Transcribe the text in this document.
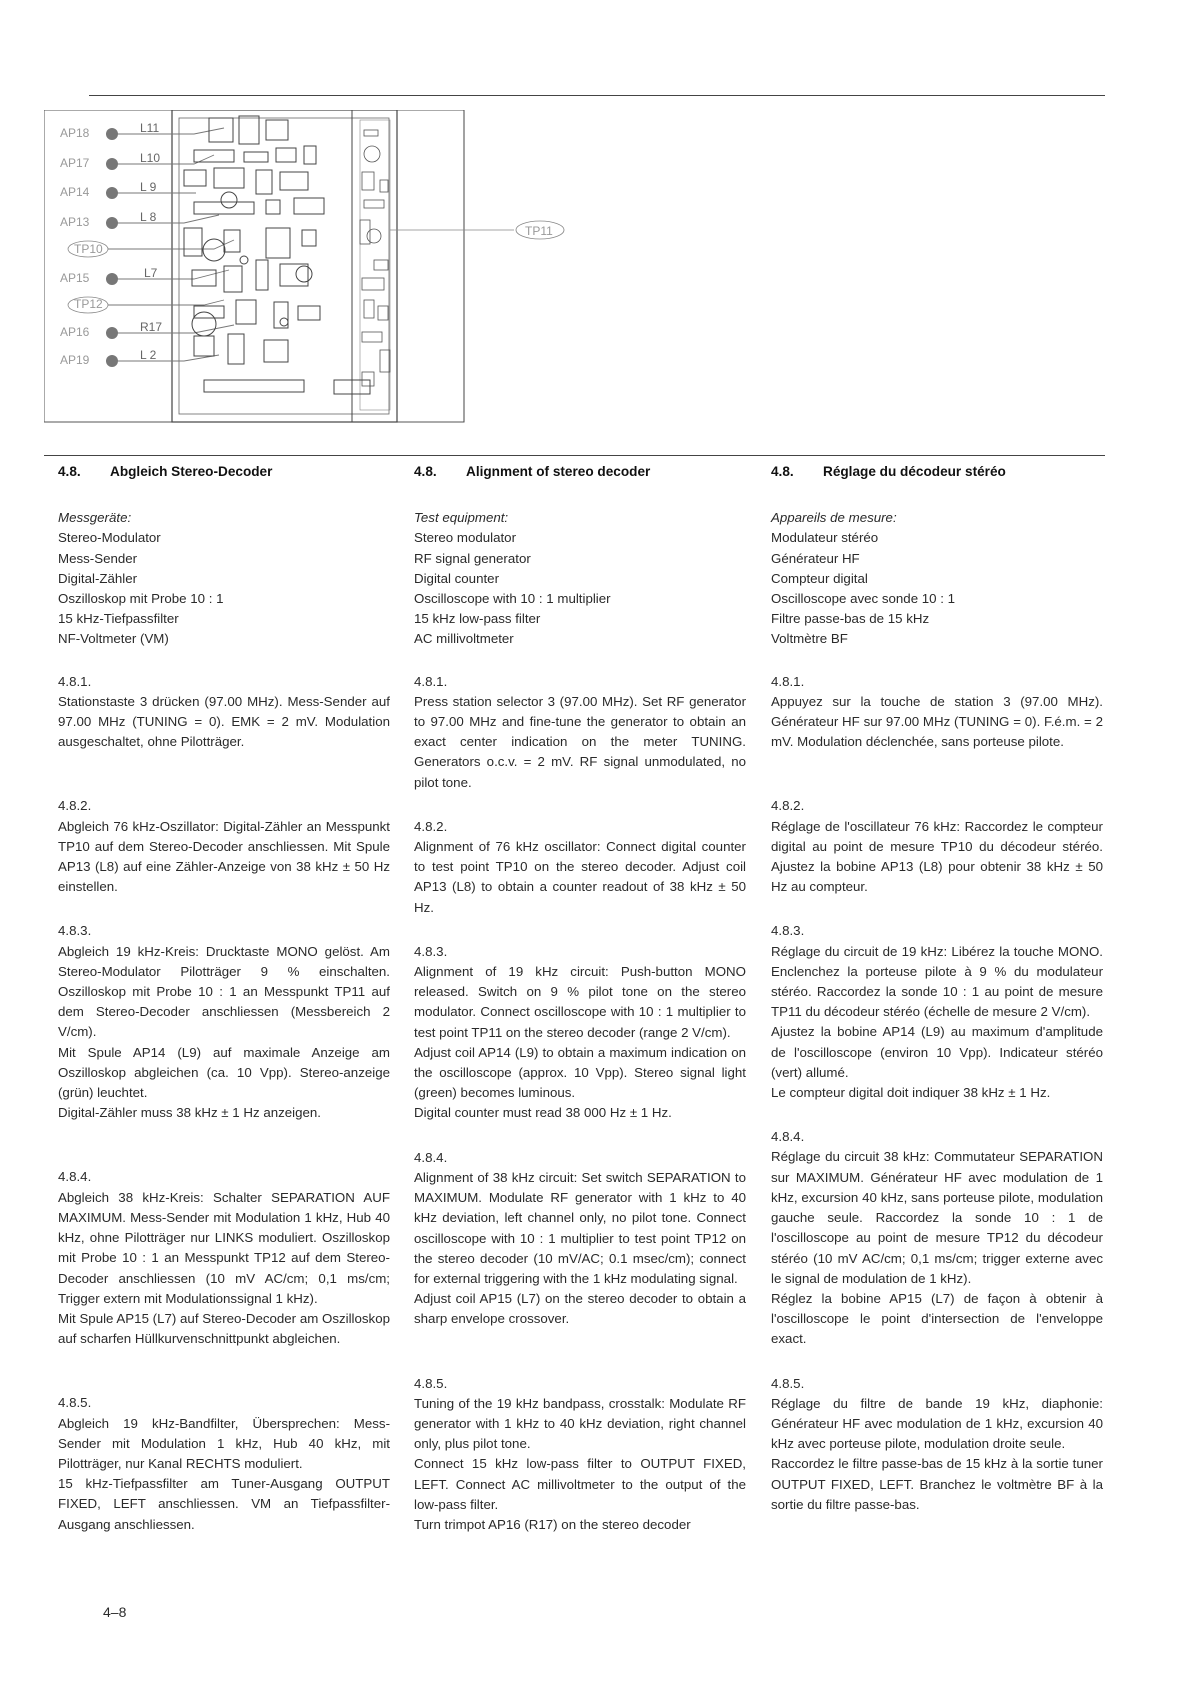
AP18
AP17
AP14
AP13
TP10
AP15
TP12
AP16
AP19
L11
L10
L 9
L 8
L7
R17
L 2
TP11
4.8. Abgleich Stereo-Decoder
Messgeräte:
Stereo-Modulator
Mess-Sender
Digital-Zähler
Oszilloskop mit Probe 10 : 1
15 kHz-Tiefpassfilter
NF-Voltmeter (VM)
4.8.1.
Stationstaste 3 drücken (97.00 MHz). Mess-Sender auf 97.00 MHz (TUNING = 0). EMK = 2 mV. Modulation ausgeschaltet, ohne Pilotträger.
4.8.2.
Abgleich 76 kHz-Oszillator: Digital-Zähler an Messpunkt TP10 auf dem Stereo-Decoder anschliessen. Mit Spule AP13 (L8) auf eine Zähler-Anzeige von 38 kHz ± 50 Hz einstellen.
4.8.3.
Abgleich 19 kHz-Kreis: Drucktaste MONO gelöst. Am Stereo-Modulator Pilotträger 9 % einschalten. Oszilloskop mit Probe 10 : 1 an Messpunkt TP11 auf dem Stereo-Decoder anschliessen (Messbereich 2 V/cm).
Mit Spule AP14 (L9) auf maximale Anzeige am Oszilloskop abgleichen (ca. 10 Vpp). Stereo-anzeige (grün) leuchtet.
Digital-Zähler muss 38 kHz ± 1 Hz anzeigen.
4.8.4.
Abgleich 38 kHz-Kreis: Schalter SEPARATION AUF MAXIMUM. Mess-Sender mit Modulation 1 kHz, Hub 40 kHz, ohne Pilotträger nur LINKS moduliert. Oszilloskop mit Probe 10 : 1 an Messpunkt TP12 auf dem Stereo-Decoder anschliessen (10 mV AC/cm; 0,1 ms/cm; Trigger extern mit Modulationssignal 1 kHz).
Mit Spule AP15 (L7) auf Stereo-Decoder am Oszilloskop auf scharfen Hüllkurvenschnittpunkt abgleichen.
4.8.5.
Abgleich 19 kHz-Bandfilter, Übersprechen: Mess-Sender mit Modulation 1 kHz, Hub 40 kHz, mit Pilotträger, nur Kanal RECHTS moduliert.
15 kHz-Tiefpassfilter am Tuner-Ausgang OUTPUT FIXED, LEFT anschliessen. VM an Tiefpassfilter-Ausgang anschliessen.
4.8. Alignment of stereo decoder
Test equipment:
Stereo modulator
RF signal generator
Digital counter
Oscilloscope with 10 : 1 multiplier
15 kHz low-pass filter
AC millivoltmeter
4.8.1.
Press station selector 3 (97.00 MHz). Set RF generator to 97.00 MHz and fine-tune the generator to obtain an exact center indication on the meter TUNING. Generators o.c.v. = 2 mV. RF signal unmodulated, no pilot tone.
4.8.2.
Alignment of 76 kHz oscillator: Connect digital counter to test point TP10 on the stereo decoder. Adjust coil AP13 (L8) to obtain a counter readout of 38 kHz ± 50 Hz.
4.8.3.
Alignment of 19 kHz circuit: Push-button MONO released. Switch on 9 % pilot tone on the stereo modulator. Connect oscilloscope with 10 : 1 multiplier to test point TP11 on the stereo decoder (range 2 V/cm).
Adjust coil AP14 (L9) to obtain a maximum indication on the oscilloscope (approx. 10 Vpp). Stereo signal light (green) becomes luminous.
Digital counter must read 38 000 Hz ± 1 Hz.
4.8.4.
Alignment of 38 kHz circuit: Set switch SEPARATION to MAXIMUM. Modulate RF generator with 1 kHz to 40 kHz deviation, left channel only, no pilot tone. Connect oscilloscope with 10 : 1 multiplier to test point TP12 on the stereo decoder (10 mV/AC; 0.1 msec/cm); connect for external triggering with the 1 kHz modulating signal.
Adjust coil AP15 (L7) on the stereo decoder to obtain a sharp envelope crossover.
4.8.5.
Tuning of the 19 kHz bandpass, crosstalk: Modulate RF generator with 1 kHz to 40 kHz deviation, right channel only, plus pilot tone.
Connect 15 kHz low-pass filter to OUTPUT FIXED, LEFT. Connect AC millivoltmeter to the output of the low-pass filter.
Turn trimpot AP16 (R17) on the stereo decoder
4.8. Réglage du décodeur stéréo
Appareils de mesure:
Modulateur stéréo
Générateur HF
Compteur digital
Oscilloscope avec sonde 10 : 1
Filtre passe-bas de 15 kHz
Voltmètre BF
4.8.1.
Appuyez sur la touche de station 3 (97.00 MHz). Générateur HF sur 97.00 MHz (TUNING = 0). F.é.m. = 2 mV. Modulation déclenchée, sans porteuse pilote.
4.8.2.
Réglage de l'oscillateur 76 kHz: Raccordez le compteur digital au point de mesure TP10 du décodeur stéréo. Ajustez la bobine AP13 (L8) pour obtenir 38 kHz ± 50 Hz au compteur.
4.8.3.
Réglage du circuit de 19 kHz: Libérez la touche MONO. Enclenchez la porteuse pilote à 9 % du modulateur stéréo. Raccordez la sonde 10 : 1 au point de mesure TP11 du décodeur stéréo (échelle de mesure 2 V/cm).
Ajustez la bobine AP14 (L9) au maximum d'amplitude de l'oscilloscope (environ 10 Vpp). Indicateur stéréo (vert) allumé.
Le compteur digital doit indiquer 38 kHz ± 1 Hz.
4.8.4.
Réglage du circuit 38 kHz: Commutateur SEPARATION sur MAXIMUM. Générateur HF avec modulation de 1 kHz, excursion 40 kHz, sans porteuse pilote, modulation gauche seule. Raccordez la sonde 10 : 1 de l'oscilloscope au point de mesure TP12 du décodeur stéréo (10 mV AC/cm; 0,1 ms/cm; trigger externe avec le signal de modulation de 1 kHz).
Réglez la bobine AP15 (L7) de façon à obtenir à l'oscilloscope le point d'intersection de l'enveloppe exact.
4.8.5.
Réglage du filtre de bande 19 kHz, diaphonie: Générateur HF avec modulation de 1 kHz, excursion 40 kHz avec porteuse pilote, modulation droite seule.
Raccordez le filtre passe-bas de 15 kHz à la sortie tuner OUTPUT FIXED, LEFT. Branchez le voltmètre BF à la sortie du filtre passe-bas.
4–8
